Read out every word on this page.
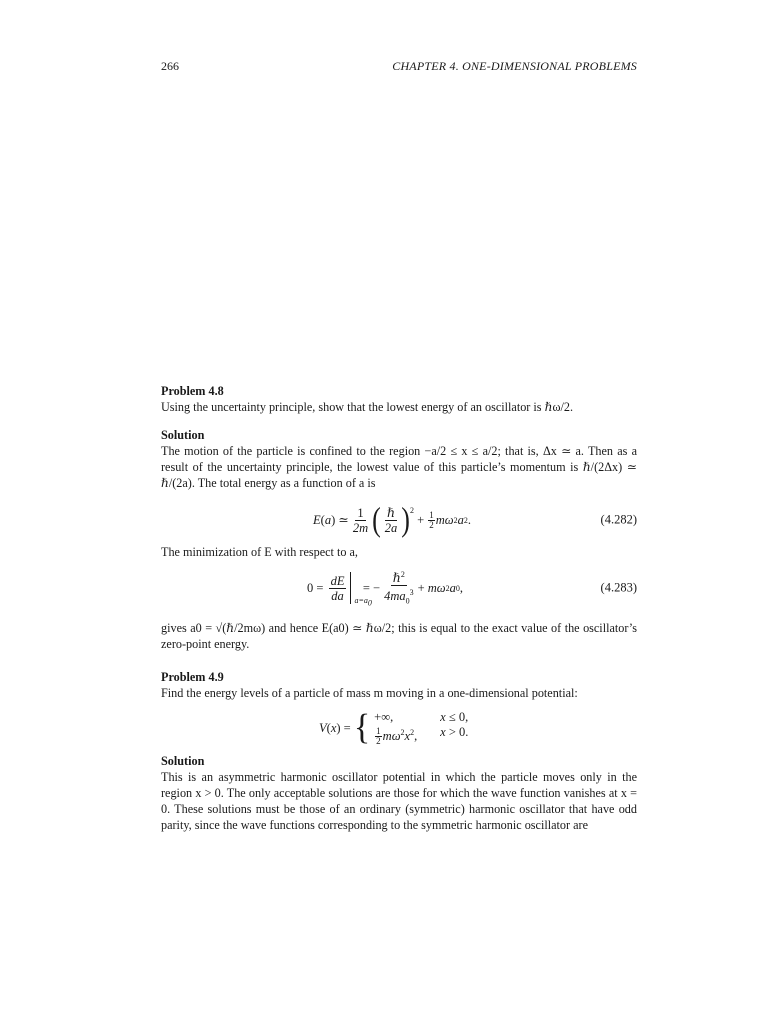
266	CHAPTER 4. ONE-DIMENSIONAL PROBLEMS
Problem 4.8
Using the uncertainty principle, show that the lowest energy of an oscillator is ℏω/2.
Solution
The motion of the particle is confined to the region −a/2 ≤ x ≤ a/2; that is, Δx ≃ a. Then as a result of the uncertainty principle, the lowest value of this particle’s momentum is ℏ/(2Δx) ≃ ℏ/(2a). The total energy as a function of a is
E ( a )
≃ $\frac{1}{2m}$ ( $\frac{\text{ℏ}}{2a} )^2$

+
$\frac{1}{2}$ mω 2 a 2 .	(4.282)
The minimization of E with respect to a,
0 =
$\frac{dE}{da} a=a_0$

= − $\frac{\hbar^2}{4ma_0^3} + m\omega$ 2 a 0 ,	(4.283)
gives a0 = √(ℏ/2mω) and hence E(a0) ≃ ℏω/2; this is equal to the exact value of the oscillator’s zero-point energy.
Problem 4.9
Find the energy levels of a particle of mass m moving in a one-dimensional potential:
V ( x ) =
{ +∞,	x ≤ 0,
$\frac{1}{2} m\omega^2x^2$,	x > 0.
Solution
This is an asymmetric harmonic oscillator potential in which the particle moves only in the region x > 0. The only acceptable solutions are those for which the wave function vanishes at x = 0. These solutions must be those of an ordinary (symmetric) harmonic oscillator that have odd parity, since the wave functions corresponding to the symmetric harmonic oscillator are
